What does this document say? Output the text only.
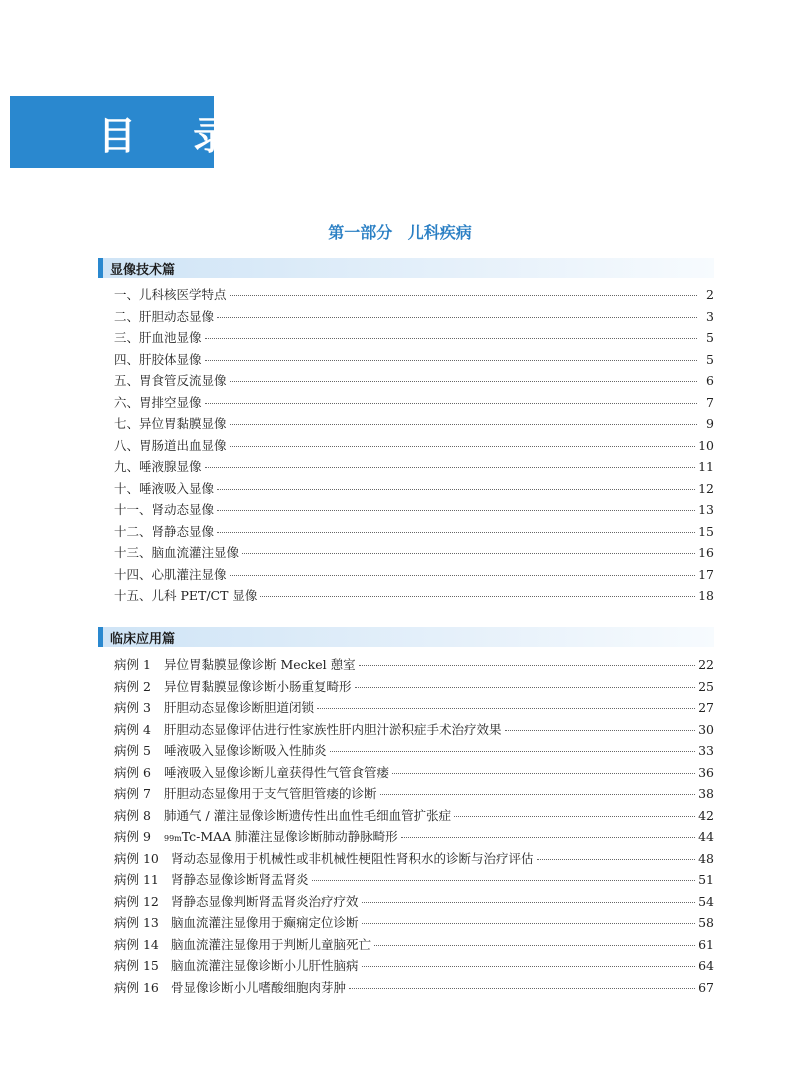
目 录
第一部分 儿科疾病
显像技术篇
一、儿科核医学特点	2
二、肝胆动态显像	3
三、肝血池显像	5
四、肝胶体显像	5
五、胃食管反流显像	6
六、胃排空显像	7
七、异位胃黏膜显像	9
八、胃肠道出血显像	10
九、唾液腺显像	11
十、唾液吸入显像	12
十一、肾动态显像	13
十二、肾静态显像	15
十三、脑血流灌注显像	16
十四、心肌灌注显像	17
十五、儿科 PET/CT 显像	18
临床应用篇
病例 1	异位胃黏膜显像诊断 Meckel 憩室	22
病例 2	异位胃黏膜显像诊断小肠重复畸形	25
病例 3	肝胆动态显像诊断胆道闭锁	27
病例 4	肝胆动态显像评估进行性家族性肝内胆汁淤积症手术治疗效果	30
病例 5	唾液吸入显像诊断吸入性肺炎	33
病例 6	唾液吸入显像诊断儿童获得性气管食管瘘	36
病例 7	肝胆动态显像用于支气管胆管瘘的诊断	38
病例 8	肺通气 / 灌注显像诊断遗传性出血性毛细血管扩张症	42
病例 9	$_{99m}$ Tc-MAA 肺灌注显像诊断肺动静脉畸形	44
病例 10 肾动态显像用于机械性或非机械性梗阻性肾积水的诊断与治疗评估	48
病例 11 肾静态显像诊断肾盂肾炎	51
病例 12 肾静态显像判断肾盂肾炎治疗疗效	54
病例 13 脑血流灌注显像用于癫痫定位诊断	58
病例 14 脑血流灌注显像用于判断儿童脑死亡	61
病例 15 脑血流灌注显像诊断小儿肝性脑病	64
病例 16 骨显像诊断小儿嗜酸细胞肉芽肿	67
